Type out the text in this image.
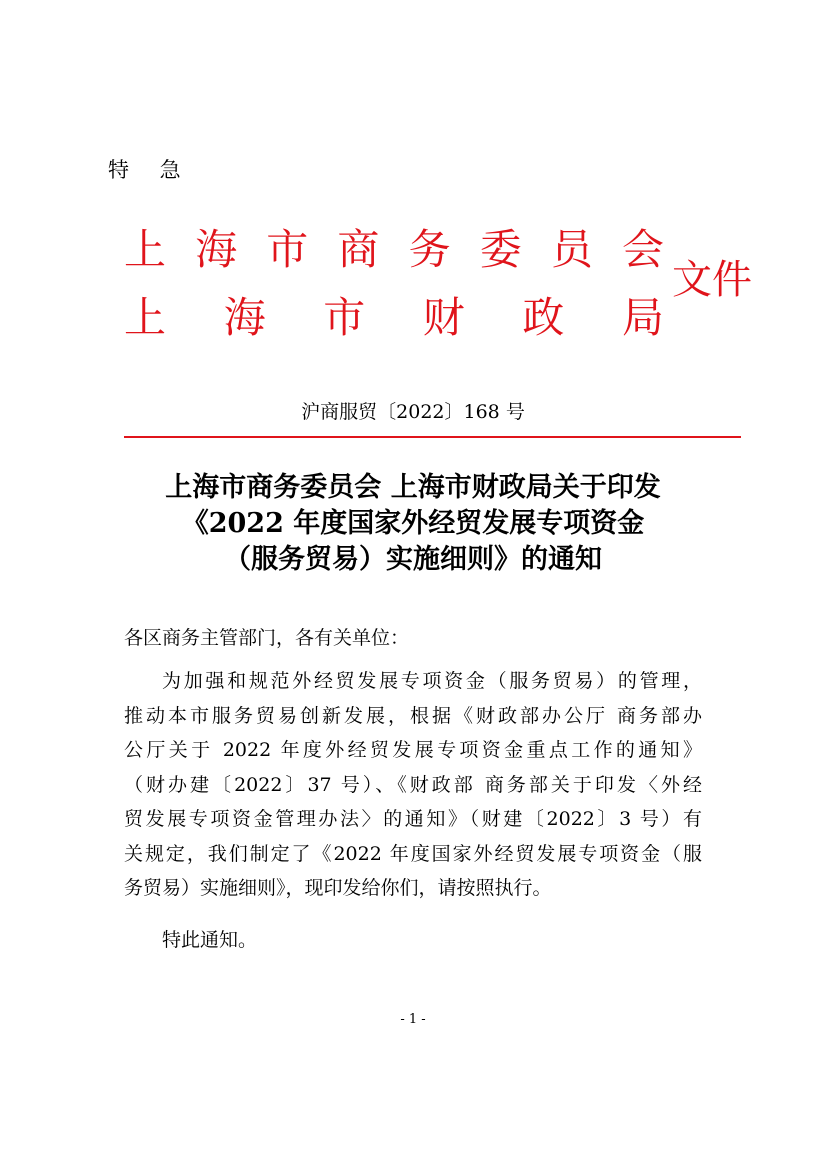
特 急
上 海 市 商 务 委 员 会
上 海 市 财 政 局
文件
沪商服贸〔2022〕168 号
上海市商务委员会 上海市财政局关于印发
《2022 年度国家外经贸发展专项资金
（服务贸易）实施细则》的通知
各区商务主管部门，各有关单位：
为加强和规范外经贸发展专项资金（服务贸易）的管理，
推动本市服务贸易创新发展，根据《财政部办公厅 商务部办
公厅关于 2022 年度外经贸发展专项资金重点工作的通知》
（财办建〔2022〕37 号）、《财政部 商务部关于印发〈外经
贸发展专项资金管理办法〉的通知》（财建〔2022〕3 号）有
关规定，我们制定了《2022 年度国家外经贸发展专项资金（服
务贸易）实施细则》，现印发给你们，请按照执行。
特此通知。
- 1 -
